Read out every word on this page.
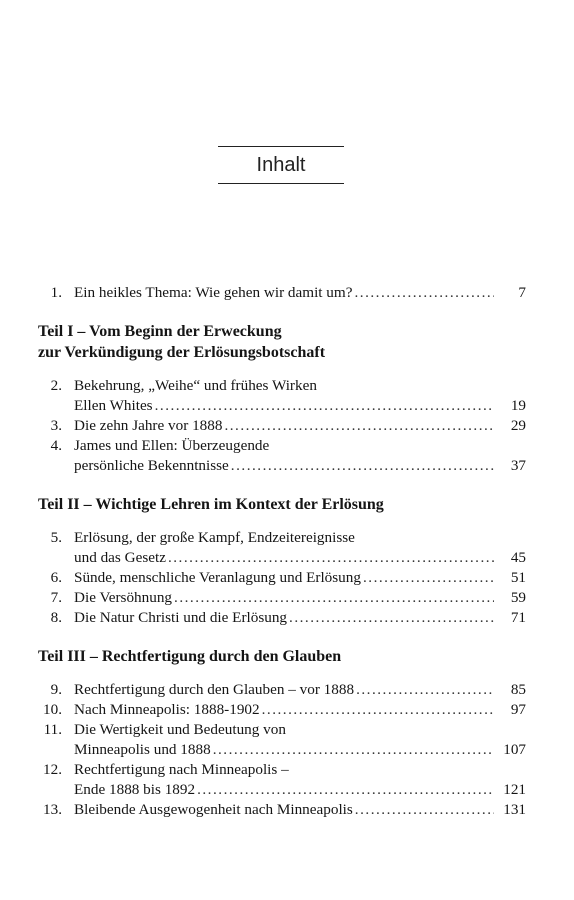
Inhalt
1. Ein heikles Thema: Wie gehen wir damit um? .....	7
Teil I – Vom Beginn der Erweckung
zur Verkündigung der Erlösungsbotschaft
2. Bekehrung, „Weihe“ und frühes Wirken
Ellen Whites .....	19
3. Die zehn Jahre vor 1888 .....	29
4. James und Ellen: Überzeugende
persönliche Bekenntnisse .....	37
Teil II – Wichtige Lehren im Kontext der Erlösung
5. Erlösung, der große Kampf, Endzeitereignisse
und das Gesetz .....	45
6. Sünde, menschliche Veranlagung und Erlösung .....	51
7. Die Versöhnung .....	59
8. Die Natur Christi und die Erlösung .....	71
Teil III – Rechtfertigung durch den Glauben
9. Rechtfertigung durch den Glauben – vor 1888 .....	85
10. Nach Minneapolis: 1888-1902 .....	97
11. Die Wertigkeit und Bedeutung von
Minneapolis und 1888 .....	107
12. Rechtfertigung nach Minneapolis –
Ende 1888 bis 1892 .....	121
13. Bleibende Ausgewogenheit nach Minneapolis .....	131
